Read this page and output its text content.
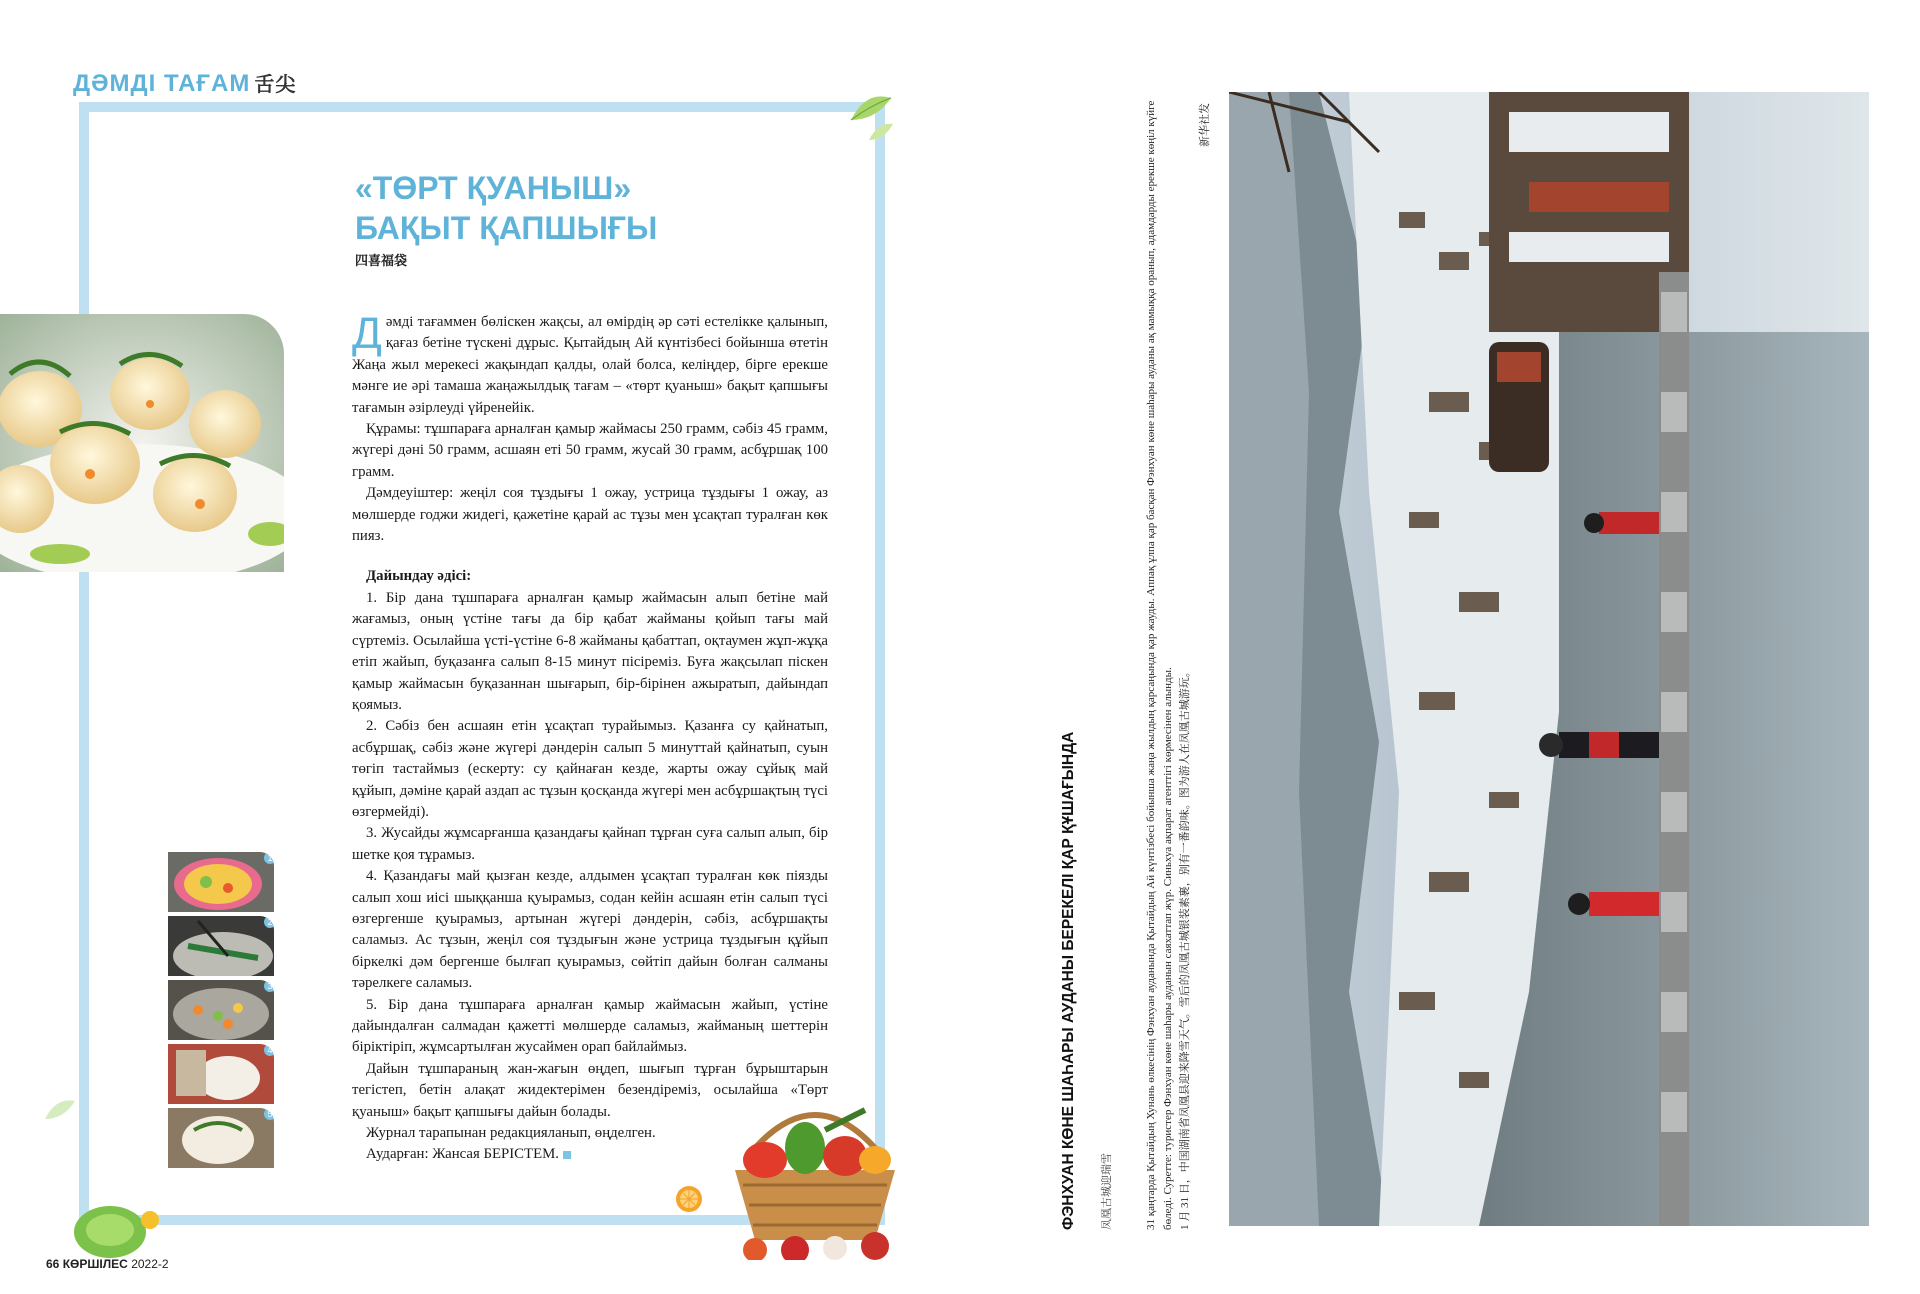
ДӘМДІ ТАҒАМ 舌尖
«ТӨРТ ҚУАНЫШ»
БАҚЫТ ҚАПШЫҒЫ
四喜福袋

Дәмді тағаммен бөліскен жақсы, ал өмірдің әр сәті естелікке қалынып, қағаз бетіне түскені дұрыс. Қытайдың Ай күнтізбесі бойынша өтетін Жаңа жыл мерекесі жақындап қалды, олай болса, келіңдер, бірге ерекше мәнге ие әрі тамаша жаңажылдық тағам – «төрт қуаныш» бақыт қапшығы тағамын әзірлеуді үйренейік.

Құрамы: тұшпараға арналған қамыр жаймасы 250 грамм, сәбіз 45 грамм, жүгері дәні 50 грамм, асшаян еті 50 грамм, жусай 30 грамм, асбұршақ 100 грамм.

Дәмдеуіштер: жеңіл соя тұздығы 1 ожау, устрица тұздығы 1 ожау, аз мөлшерде годжи жидегі, қажетіне қарай ас тұзы мен ұсақтап туралған көк пияз.

Дайындау әдісі:

1. Бір дана тұшпараға арналған қамыр жаймасын алып бетіне май жағамыз, оның үстіне тағы да бір қабат жайманы қойып тағы май сүртеміз. Осылайша үсті-үстіне 6-8 жайманы қабаттап, оқтаумен жұп-жұқа етіп жайып, буқазанға салып 8-15 минут пісіреміз. Буға жақсылап піскен қамыр жаймасын буқазаннан шығарып, бір-бірінен ажыратып, дайындап қоямыз.

2. Сәбіз бен асшаян етін ұсақтап турайымыз. Қазанға су қайнатып, асбұршақ, сәбіз және жүгері дәндерін салып 5 минуттай қайнатып, суын төгіп тастаймыз (ескерту: су қайнаған кезде, жарты ожау сұйық май құйып, дәміне қарай аздап ас тұзын қосқанда жүгері мен асбұршақтың түсі өзгермейді).

3. Жусайды жұмсарғанша қазандағы қайнап тұрған суға салып алып, бір шетке қоя тұрамыз.

4. Қазандағы май қызған кезде, алдымен ұсақтап туралған көк піязды салып хош иісі шыққанша қуырамыз, содан кейін асшаян етін салып түсі өзгергенше қуырамыз, артынан жүгері дәндерін, сәбіз, асбұршақты саламыз. Ас тұзын, жеңіл соя тұздығын және устрица тұздығын құйып біркелкі дәм бергенше былғап қуырамыз, сөйтіп дайын болған салманы тәрелкеге саламыз.

5. Бір дана тұшпараға арналған қамыр жаймасын жайып, үстіне дайындалған салмадан қажетті мөлшерде саламыз, жайманың шеттерін біріктіріп, жұмсартылған жусаймен орап байлаймыз.

Дайын тұшпараның жан-жағын өңдеп, шығып тұрған бұрыштарын тегістеп, бетін алақат жидектерімен безендіреміз, осылайша «Төрт қуаныш» бақыт қапшығы дайын болады.

Журнал тарапынан редакцияланып, өңделген.

Аударған: Жансая БЕРІСТЕМ.

1
2
3
4
5
66 КӨРШІЛЕС 2022-2
ФЭНХУАН КӨНЕ ШАҺАРЫ АУДАНЫ БЕРЕКЕЛІ ҚАР ҚҰШАҒЫНДА 凤凰古城迎瑞雪	31 қаңтарда Қытайдың Хунань өлкесінің Фэнхуан ауданында Қытайдың Ай күнтізбесі бойынша жаңа жылдың қарсаңында қар жауды. Аппақ ұлпа қар басқан Фэнхуан көне шаһары ауданы ақ мамыққа оранып, адамдарды ерекше көңіл күйге бөледі. Суретте: туристер Фэнхуан көне шаһары ауданын саяхаттап жүр. Синьхуа ақпарат агенттігі көрмесінен алынды. 1 月 31 日，中国湖南省凤凰县迎来降雪天气。雪后的凤凰古城银装素裹，别有一番韵味。图为游人在凤凰古城游玩。

新华社发
